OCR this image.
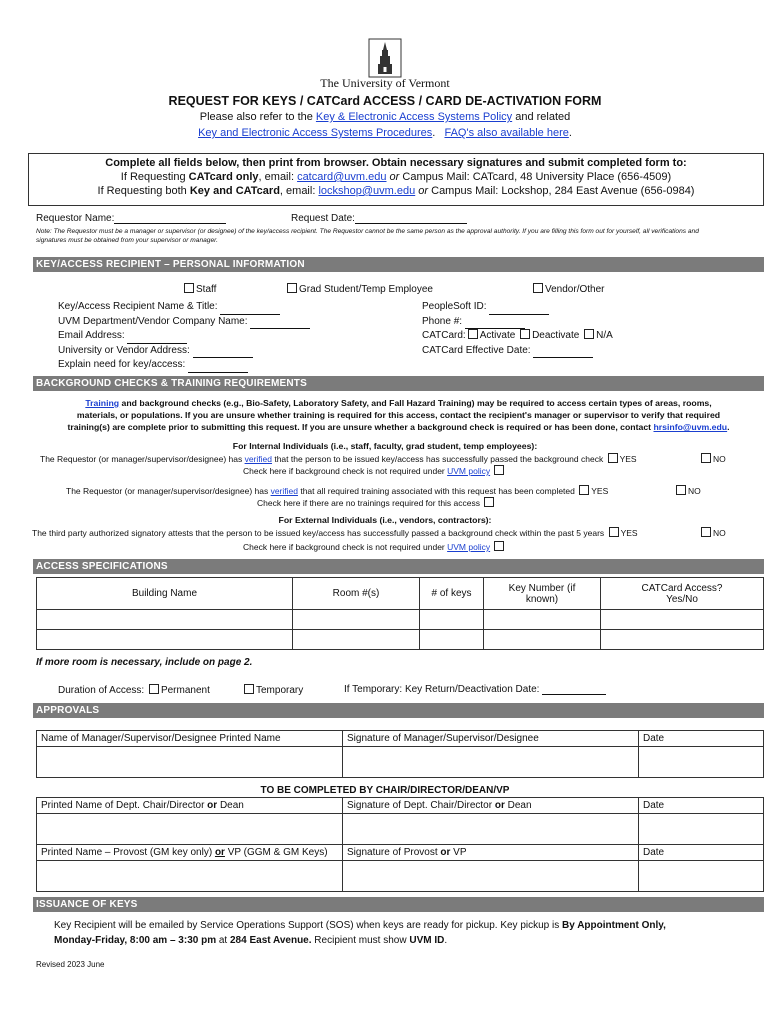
The University of Vermont
REQUEST FOR KEYS / CATCard ACCESS / CARD DE-ACTIVATION FORM
Please also refer to the Key & Electronic Access Systems Policy and related
Key and Electronic Access Systems Procedures.   FAQ's also available here.
Complete all fields below, then print from browser. Obtain necessary signatures and submit completed form to:
If Requesting CATcard only, email: catcard@uvm.edu or Campus Mail: CATcard, 48 University Place (656-4509)
If Requesting both Key and CATcard, email: lockshop@uvm.edu or Campus Mail: Lockshop, 284 East Avenue (656-0984)
Requestor Name:	Request Date:
Note: The Requestor must be a manager or supervisor (or designee) of the key/access recipient. The Requestor cannot be the same person as the approval authority. If you are filling this form out for yourself, all verifications and signatures must be obtained from your supervisor or manager.
KEY/ACCESS RECIPIENT – PERSONAL INFORMATION
Staff	Grad Student/Temp Employee	Vendor/Other
Key/Access Recipient Name & Title:
UVM Department/Vendor Company Name:
Email Address:
University or Vendor Address:
Explain need for key/access:
PeopleSoft ID:
Phone #:
CATCard: Activate Deactivate N/A
CATCard Effective Date:
BACKGROUND CHECKS & TRAINING REQUIREMENTS
Training and background checks (e.g., Bio-Safety, Laboratory Safety, and Fall Hazard Training) may be required to access certain types of areas, rooms,
materials, or populations. If you are unsure whether training is required for this access, contact the recipient's manager or supervisor to verify that required
training(s) are complete prior to submitting this request. If you are unsure whether a background check is required or has been done, contact hrsinfo@uvm.edu.
For Internal Individuals (i.e., staff, faculty, grad student, temp employees):
The Requestor (or manager/supervisor/designee) has verified that the person to be issued key/access has successfully passed the background check YES	NO
Check here if background check is not required under UVM policy
The Requestor (or manager/supervisor/designee) has verified that all required training associated with this request has been completed YES	NO
Check here if there are no trainings required for this access
For External Individuals (i.e., vendors, contractors):
The third party authorized signatory attests that the person to be issued key/access has successfully passed a background check within the past 5 years YES	NO
Check here if background check is not required under UVM policy
ACCESS SPECIFICATIONS
Building Name	Room #(s)	# of keys	Key Number (if known)	CATCard Access? Yes/No

If more room is necessary, include on page 2.
Duration of Access: Permanent	Temporary	If Temporary: Key Return/Deactivation Date:
APPROVALS
Name of Manager/Supervisor/Designee Printed Name	Signature of Manager/Supervisor/Designee	Date

TO BE COMPLETED BY CHAIR/DIRECTOR/DEAN/VP
Printed Name of Dept. Chair/Director or Dean	Signature of Dept. Chair/Director or Dean	Date

Printed Name – Provost (GM key only) or VP (GGM & GM Keys)	Signature of Provost or VP	Date

ISSUANCE OF KEYS
Key Recipient will be emailed by Service Operations Support (SOS) when keys are ready for pickup. Key pickup is By Appointment Only,
Monday-Friday, 8:00 am – 3:30 pm at 284 East Avenue. Recipient must show UVM ID.
Revised 2023 June
